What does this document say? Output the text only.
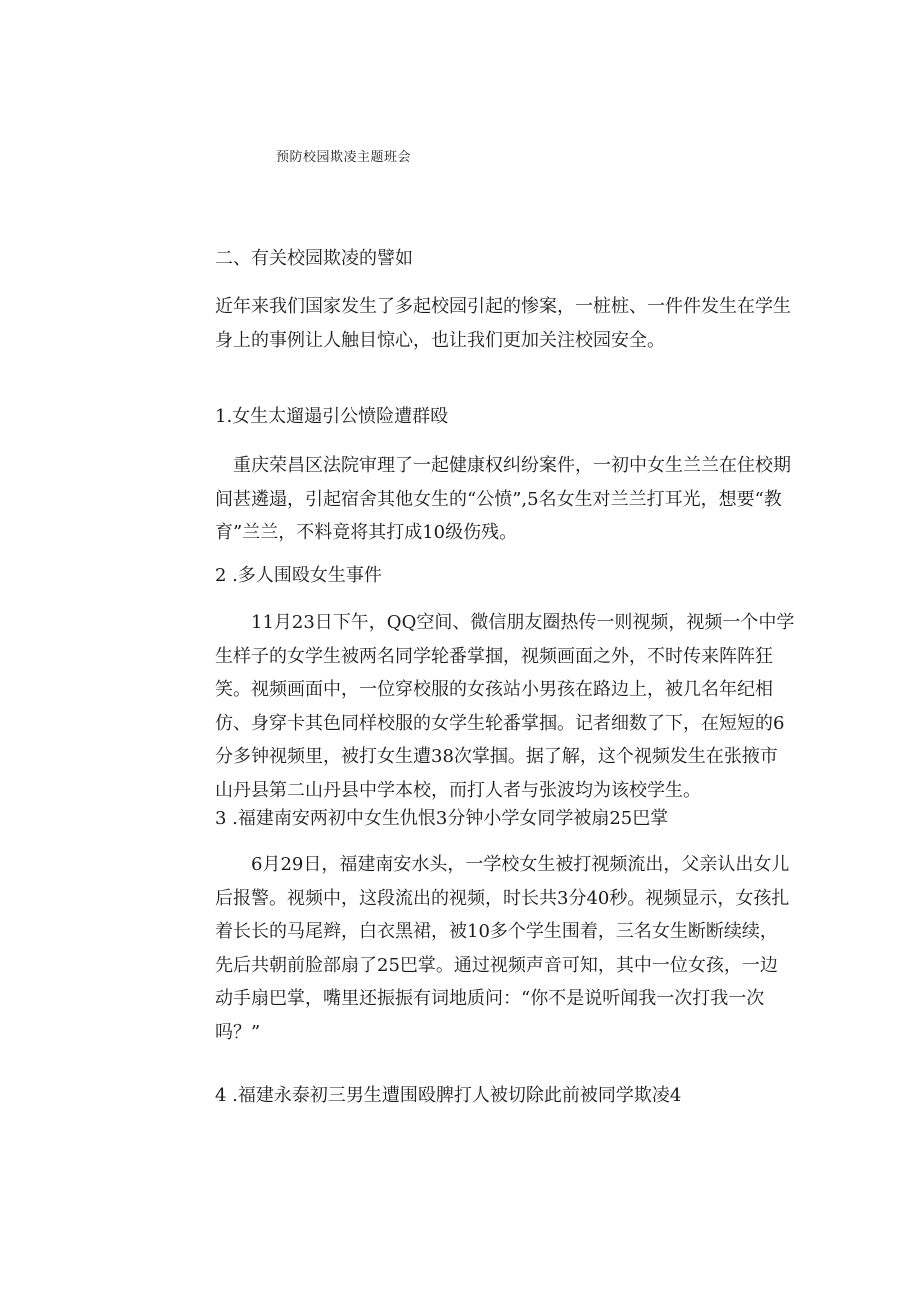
预防校园欺凌主题班会
二、有关校园欺凌的譬如

近年来我们国家发生了多起校园引起的惨案，一桩桩、一件件发生在学生身上的事例让人触目惊心，也让我们更加关注校园安全。

1.女生太遛遢引公愤险遭群殴

　重庆荣昌区法院审理了一起健康权纠纷案件，一初中女生兰兰在住校期间甚遴遢，引起宿舍其他女生的“公愤”,5名女生对兰兰打耳光，想要“教育”兰兰，不料竟将其打成10级伤残。

2 .多人围殴女生事件

　　11月23日下午，QQ空间、微信朋友圈热传一则视频，视频一个中学生样子的女学生被两名同学轮番掌掴，视频画面之外，不时传来阵阵狂笑。视频画面中，一位穿校服的女孩站小男孩在路边上，被几名年纪相仿、身穿卡其色同样校服的女学生轮番掌掴。记者细数了下，在短短的6分多钟视频里，被打女生遭38次掌掴。据了解，这个视频发生在张掖市山丹县第二山丹县中学本校，而打人者与张波均为该校学生。

3 .福建南安两初中女生仇恨3分钟小学女同学被扇25巴掌

　　6月29日，福建南安水头，一学校女生被打视频流出，父亲认出女儿后报警。视频中，这段流出的视频，时长共3分40秒。视频显示，女孩扎着长长的马尾辫，白衣黑裙，被10多个学生围着，三名女生断断续续，先后共朝前脸部扇了25巴掌。通过视频声音可知，其中一位女孩，一边动手扇巴掌，嘴里还振振有词地质问：“你不是说听闻我一次打我一次吗？”

4 .福建永泰初三男生遭围殴脾打人被切除此前被同学欺凌4
